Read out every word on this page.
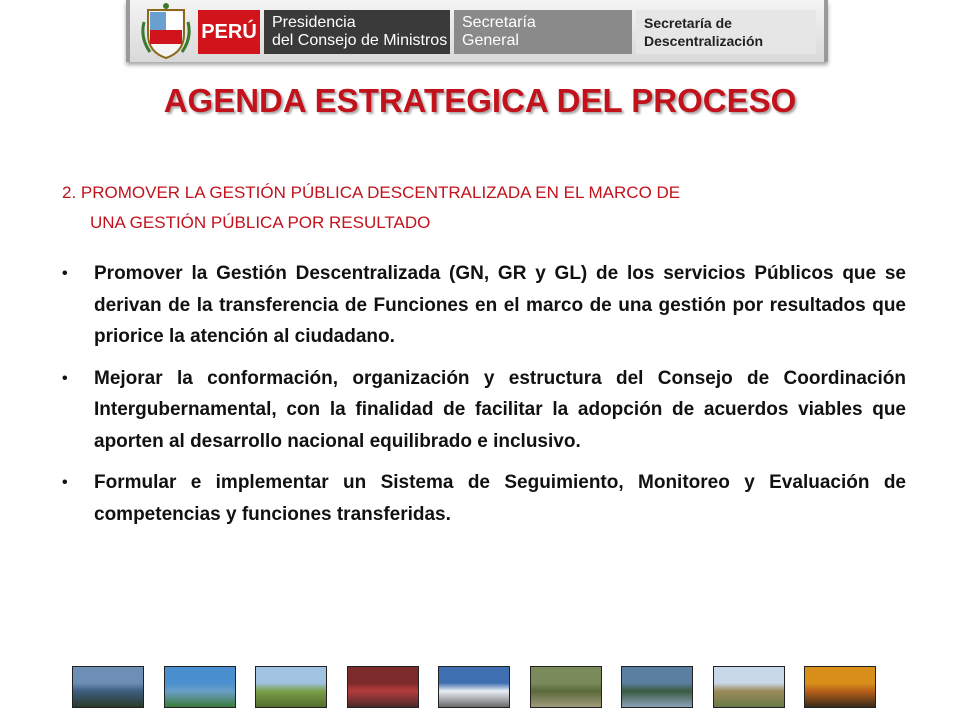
PERÚ Presidencia
del Consejo de Ministros
Secretaría
General
Secretaría de
Descentralización
AGENDA ESTRATEGICA DEL PROCESO
2. PROMOVER LA GESTIÓN PÚBLICA DESCENTRALIZADA EN EL MARCO DE
UNA GESTIÓN PÚBLICA POR RESULTADO
• Promover la Gestión Descentralizada (GN, GR y GL) de los servicios Públicos que se derivan de la transferencia de Funciones en el marco de una gestión por resultados que priorice la atención al ciudadano.
• Mejorar la conformación, organización y estructura del Consejo de Coordinación Intergubernamental, con la finalidad de facilitar la adopción de acuerdos viables que aporten al desarrollo nacional equilibrado e inclusivo.
• Formular e implementar un Sistema de Seguimiento, Monitoreo y Evaluación de competencias y funciones transferidas.
